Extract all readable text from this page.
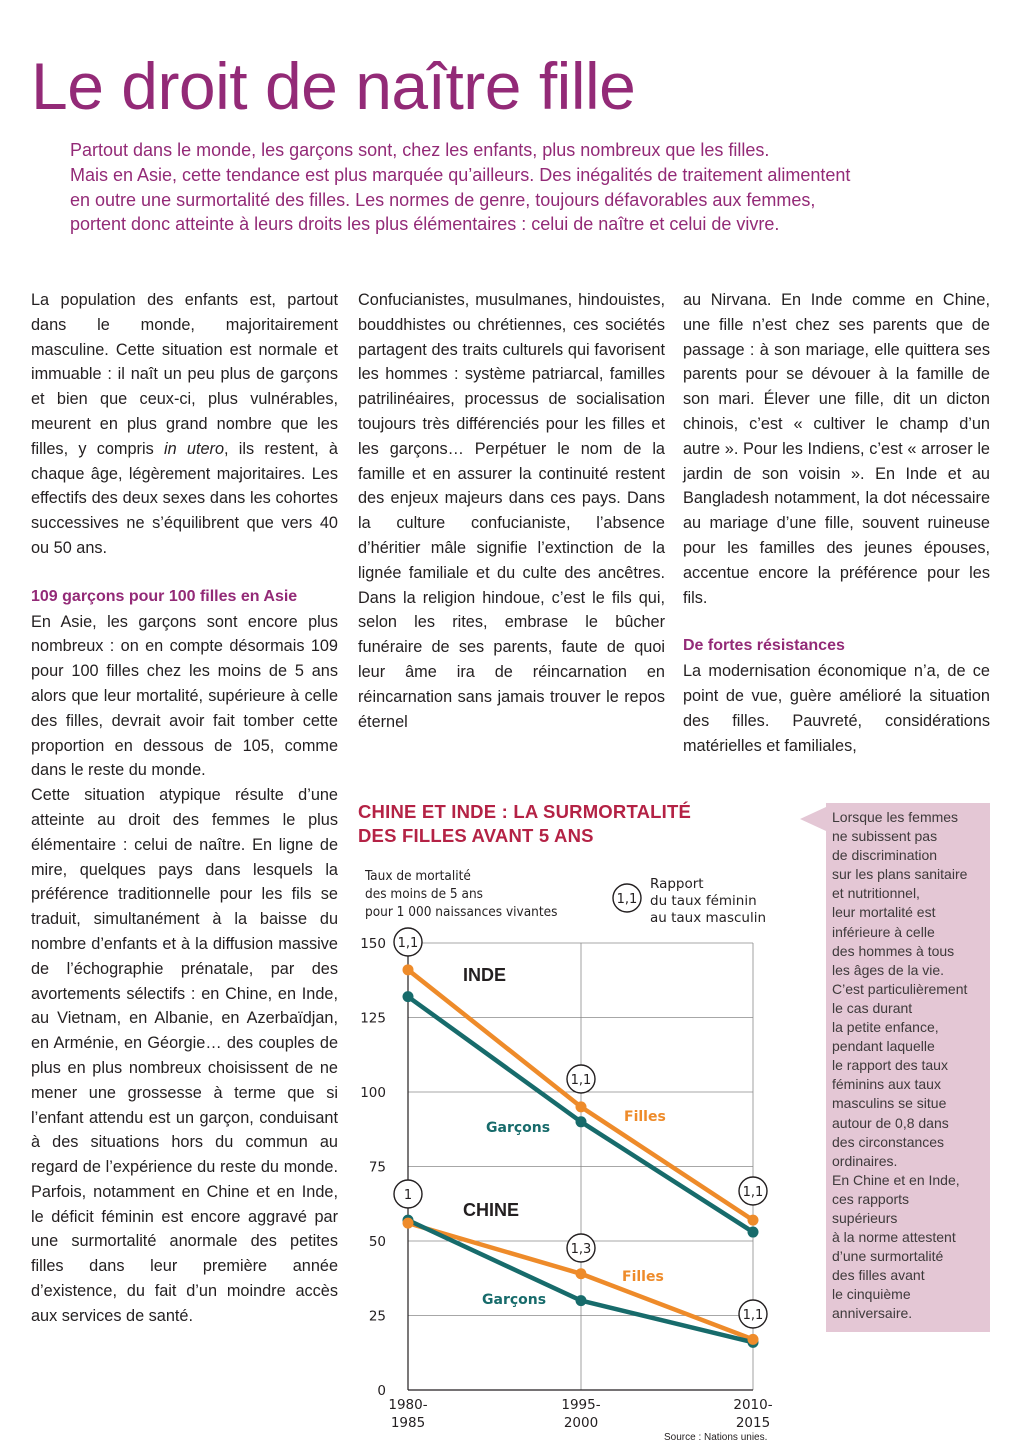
Le droit de naître fille
Partout dans le monde, les garçons sont, chez les enfants, plus nombreux que les filles.
Mais en Asie, cette tendance est plus marquée qu’ailleurs. Des inégalités de traitement alimentent
en outre une surmortalité des filles. Les normes de genre, toujours défavorables aux femmes,
portent donc atteinte à leurs droits les plus élémentaires : celui de naître et celui de vivre.

La population des enfants est, partout dans le monde, majoritairement masculine. Cette situation est normale et immuable : il naît un peu plus de garçons et bien que ceux-ci, plus vulnérables, meurent en plus grand nombre que les filles, y compris in utero, ils restent, à chaque âge, légèrement majoritaires. Les effectifs des deux sexes dans les cohortes successives ne s’équilibrent que vers 40 ou 50 ans.

109 garçons pour 100 filles en Asie

En Asie, les garçons sont encore plus nombreux : on en compte désormais 109 pour 100 filles chez les moins de 5 ans alors que leur mortalité, supérieure à celle des filles, devrait avoir fait tomber cette proportion en dessous de 105, comme dans le reste du monde.

Cette situation atypique résulte d’une atteinte au droit des femmes le plus élémentaire : celui de naître. En ligne de mire, quelques pays dans lesquels la préférence traditionnelle pour les fils se traduit, simultanément à la baisse du nombre d’enfants et à la diffusion massive de l’échographie prénatale, par des avortements sélectifs : en Chine, en Inde, au Vietnam, en Albanie, en Azerbaïdjan, en Arménie, en Géorgie… des couples de plus en plus nombreux choisissent de ne mener une grossesse à terme que si l’enfant attendu est un garçon, conduisant à des situations hors du commun au regard de l’expérience du reste du monde. Parfois, notamment en Chine et en Inde, le déficit féminin est encore aggravé par une surmortalité anormale des petites filles dans leur première année d’existence, du fait d’un moindre accès aux services de santé.

Confucianistes, musulmanes, hindouistes, bouddhistes ou chrétiennes, ces sociétés partagent des traits culturels qui favorisent les hommes : système patriarcal, familles patrilinéaires, processus de socialisation toujours très différenciés pour les filles et les garçons… Perpétuer le nom de la famille et en assurer la continuité restent des enjeux majeurs dans ces pays. Dans la culture confucianiste, l’absence d’héritier mâle signifie l’extinction de la lignée familiale et du culte des ancêtres. Dans la religion hindoue, c’est le fils qui, selon les rites, embrase le bûcher funéraire de ses parents, faute de quoi leur âme ira de réincarnation en réincarnation sans jamais trouver le repos éternel

au Nirvana. En Inde comme en Chine, une fille n’est chez ses parents que de passage : à son mariage, elle quittera ses parents pour se dévouer à la famille de son mari. Élever une fille, dit un dicton chinois, c’est « cultiver le champ d’un autre ». Pour les Indiens, c’est « arroser le jardin de son voisin ». En Inde et au Bangladesh notamment, la dot nécessaire au mariage d’une fille, souvent ruineuse pour les familles des jeunes épouses, accentue encore la préférence pour les fils.

De fortes résistances

La modernisation économique n’a, de ce point de vue, guère amélioré la situation des filles. Pauvreté, considérations matérielles et familiales,

CHINE ET INDE : LA SURMORTALITÉ
DES FILLES AVANT 5 ANS
Taux de mortalité
des moins de 5 ans
pour 1 000 naissances vivantes
1,1
Rapport
du taux féminin
au taux masculin
0
25
50
75
100
125
150
1980-
1985
1995-
2000
2010-
2015
INDE
CHINE
Filles
Garçons
Filles
Garçons
1,1
1,1
1,1
1
1,3
1,1
Source : Nations unies.
Lorsque les femmes
ne subissent pas
de discrimination
sur les plans sanitaire
et nutritionnel,
leur mortalité est
inférieure à celle
des hommes à tous
les âges de la vie.
C’est particulièrement
le cas durant
la petite enfance,
pendant laquelle
le rapport des taux
féminins aux taux
masculins se situe
autour de 0,8 dans
des circonstances
ordinaires.
En Chine et en Inde,
ces rapports
supérieurs
à la norme attestent
d’une surmortalité
des filles avant
le cinquième
anniversaire.
